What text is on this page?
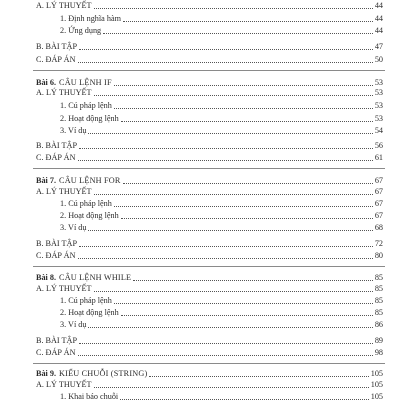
A. LÝ THUYẾT	44
1. Định nghĩa hàm	44
2. Ứng dụng	44
B. BÀI TẬP	47
C. ĐÁP ÁN	50
Bài 6. CÂU LỆNH IF	53
A. LÝ THUYẾT	53
1. Cú pháp lệnh	53
2. Hoạt động lệnh	53
3. Ví dụ	54
B. BÀI TẬP	56
C. ĐÁP ÁN	61
Bài 7. CÂU LỆNH FOR	67
A. LÝ THUYẾT	67
1. Cú pháp lệnh	67
2. Hoạt động lệnh	67
3. Ví dụ	68
B. BÀI TẬP	72
C. ĐÁP ÁN	80
Bài 8. CÂU LỆNH WHILE	85
A. LÝ THUYẾT	85
1. Cú pháp lệnh	85
2. Hoạt động lệnh	85
3. Ví dụ	86
B. BÀI TẬP	89
C. ĐÁP ÁN	98
Bài 9. KIỂU CHUỖI (STRING)	105
A. LÝ THUYẾT	105
1. Khai báo chuỗi	105
